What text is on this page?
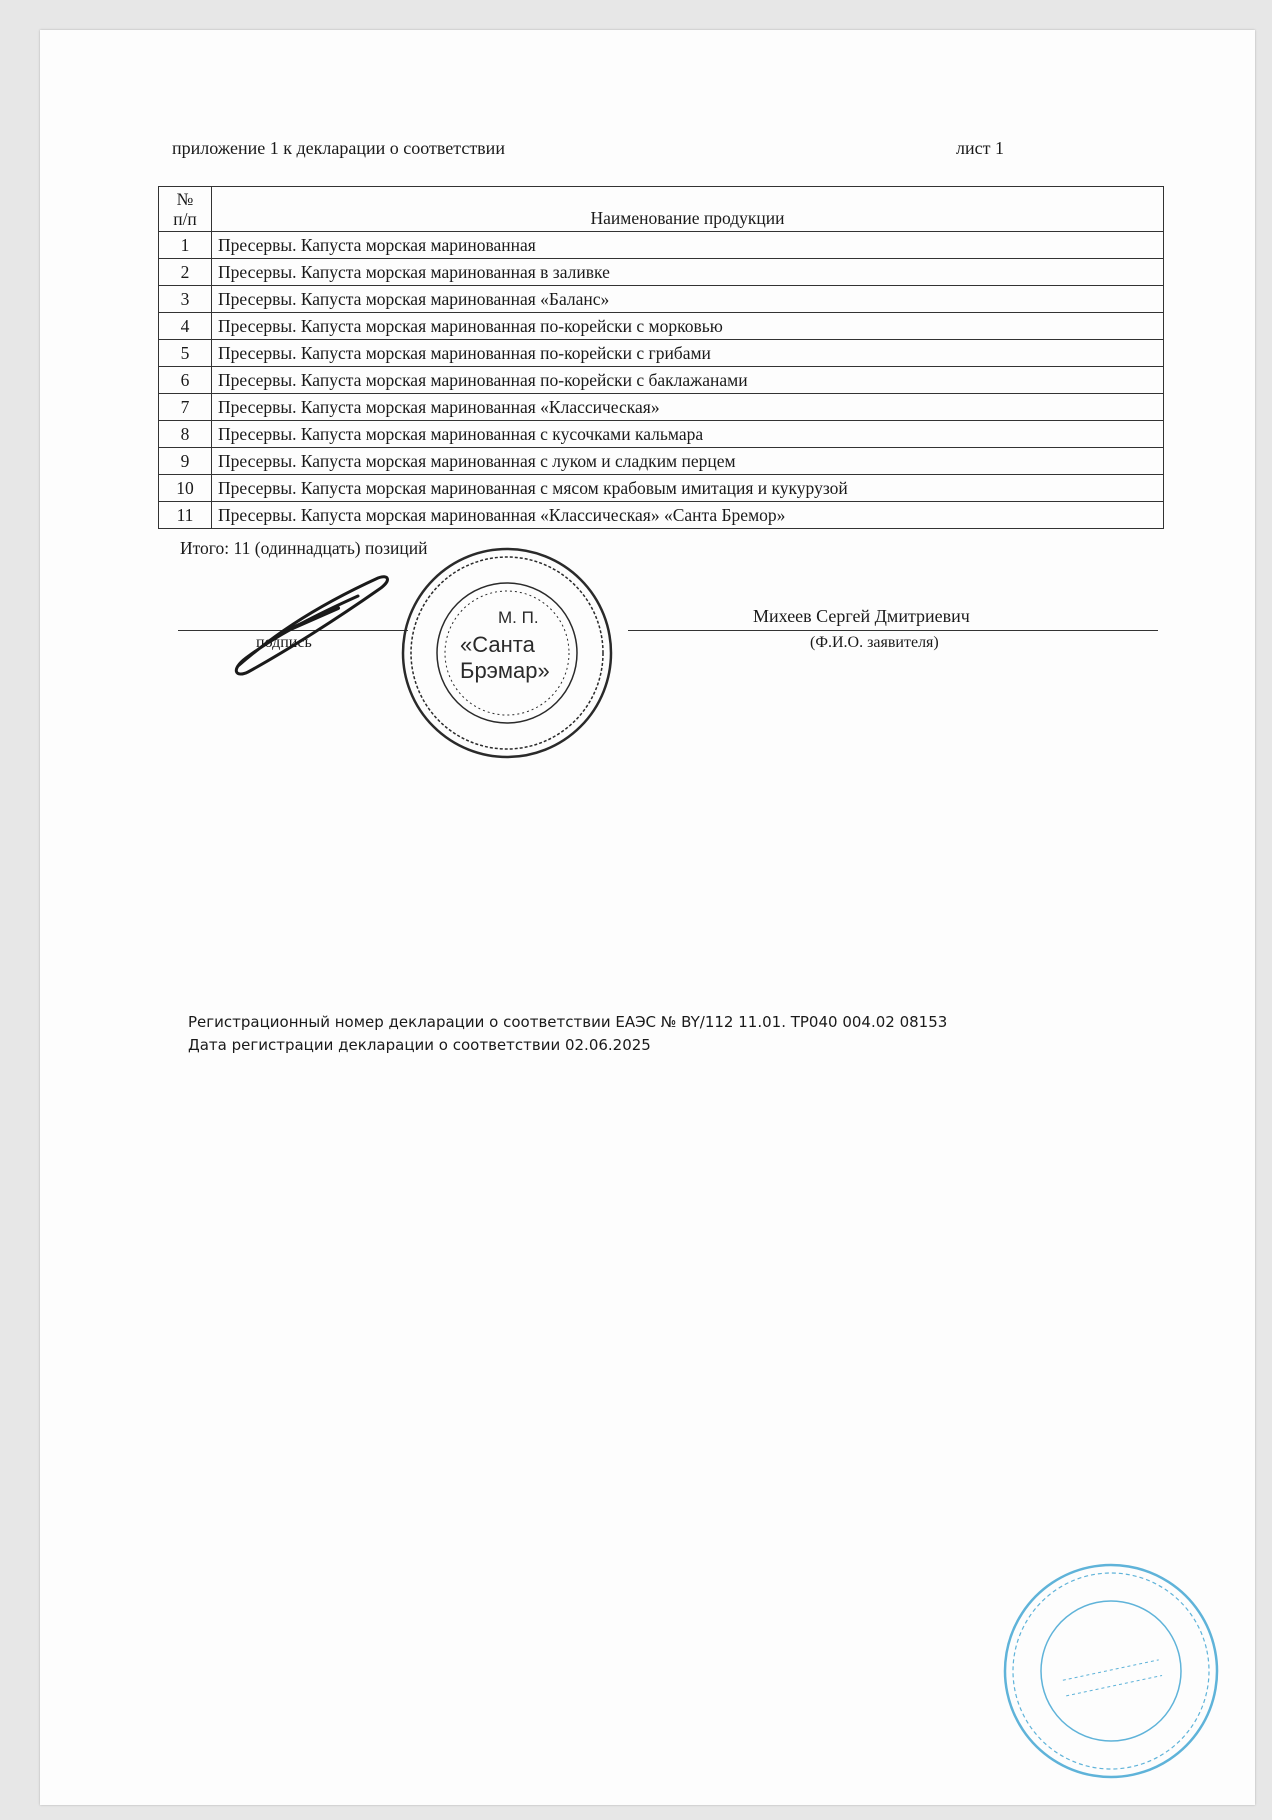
приложение 1 к декларации о соответствии	лист 1
№
п/п	Наименование продукции
1	Пресервы. Капуста морская маринованная
2	Пресервы. Капуста морская маринованная в заливке
3	Пресервы. Капуста морская маринованная «Баланс»
4	Пресервы. Капуста морская маринованная по-корейски с морковью
5	Пресервы. Капуста морская маринованная по-корейски с грибами
6	Пресервы. Капуста морская маринованная по-корейски с баклажанами
7	Пресервы. Капуста морская маринованная «Классическая»
8	Пресервы. Капуста морская маринованная с кусочками кальмара
9	Пресервы. Капуста морская маринованная с луком и сладким перцем
10	Пресервы. Капуста морская маринованная с мясом крабовым имитация и кукурузой
11	Пресервы. Капуста морская маринованная «Классическая» «Санта Бремор»
Итого: 11 (одиннадцать) позиций
подпись
М. П.
«Санта
Брэмар»
Михеев Сергей Дмитриевич
(Ф.И.О. заявителя)
Регистрационный номер декларации о соответствии ЕАЭС № BY/112 11.01. ТР040 004.02 08153
Дата регистрации декларации о соответствии 02.06.2025
